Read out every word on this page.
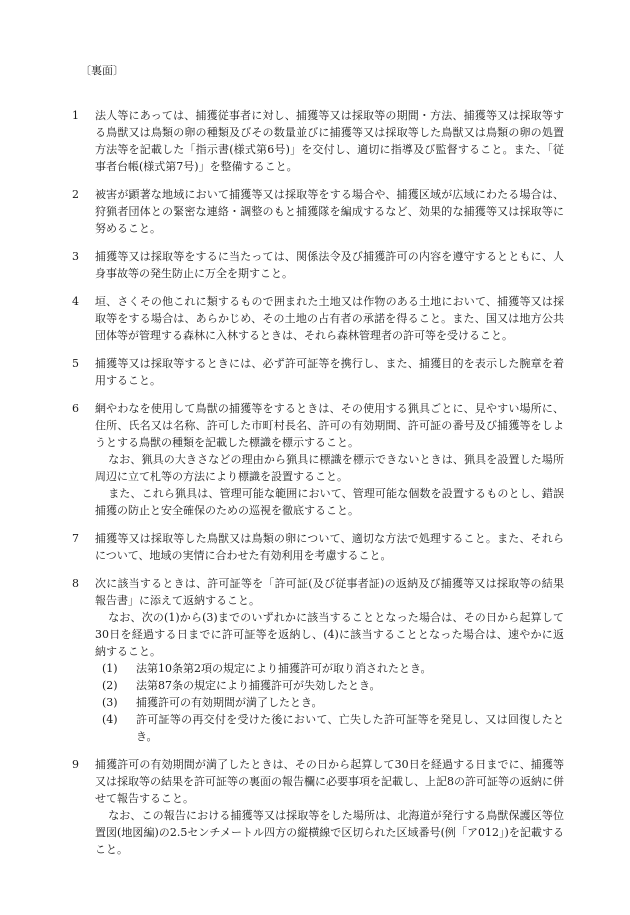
〔裏面〕
1	法人等にあっては、捕獲従事者に対し、捕獲等又は採取等の期間・方法、捕獲等又は採取等する鳥獣又は鳥類の卵の種類及びその数量並びに捕獲等又は採取等した鳥獣又は鳥類の卵の処置方法等を記載した「指示書(様式第6号)」を交付し、適切に指導及び監督すること。また、「従事者台帳(様式第7号)」を整備すること。

2	被害が顕著な地域において捕獲等又は採取等をする場合や、捕獲区域が広域にわたる場合は、狩猟者団体との緊密な連絡・調整のもと捕獲隊を編成するなど、効果的な捕獲等又は採取等に努めること。

3	捕獲等又は採取等をするに当たっては、関係法令及び捕獲許可の内容を遵守するとともに、人身事故等の発生防止に万全を期すこと。

4	垣、さくその他これに類するもので囲まれた土地又は作物のある土地において、捕獲等又は採取等をする場合は、あらかじめ、その土地の占有者の承諾を得ること。また、国又は地方公共団体等が管理する森林に入林するときは、それら森林管理者の許可等を受けること。

5	捕獲等又は採取等するときには、必ず許可証等を携行し、また、捕獲目的を表示した腕章を着用すること。

6	網やわなを使用して鳥獣の捕獲等をするときは、その使用する猟具ごとに、見やすい場所に、住所、氏名又は名称、許可した市町村長名、許可の有効期間、許可証の番号及び捕獲等をしようとする鳥獣の種類を記載した標識を標示すること。

なお、猟具の大きさなどの理由から猟具に標識を標示できないときは、猟具を設置した場所周辺に立て札等の方法により標識を設置すること。

また、これら猟具は、管理可能な範囲において、管理可能な個数を設置するものとし、錯誤捕獲の防止と安全確保のための巡視を徹底すること。

7	捕獲等又は採取等した鳥獣又は鳥類の卵について、適切な方法で処理すること。また、それらについて、地域の実情に合わせた有効利用を考慮すること。

8	次に該当するときは、許可証等を「許可証(及び従事者証)の返納及び捕獲等又は採取等の結果報告書」に添えて返納すること。

なお、次の(1)から(3)までのいずれかに該当することとなった場合は、その日から起算して30日を経過する日までに許可証等を返納し、(4)に該当することとなった場合は、速やかに返納すること。

(1)	法第10条第2項の規定により捕獲許可が取り消されたとき。
(2)	法第87条の規定により捕獲許可が失効したとき。
(3)	捕獲許可の有効期間が満了したとき。
(4)	許可証等の再交付を受けた後において、亡失した許可証等を発見し、又は回復したとき。
9	捕獲許可の有効期間が満了したときは、その日から起算して30日を経過する日までに、捕獲等又は採取等の結果を許可証等の裏面の報告欄に必要事項を記載し、上記8の許可証等の返納に併せて報告すること。

なお、この報告における捕獲等又は採取等をした場所は、北海道が発行する鳥獣保護区等位置図(地図編)の2.5センチメートル四方の縦横線で区切られた区域番号(例「ア012」)を記載すること。
